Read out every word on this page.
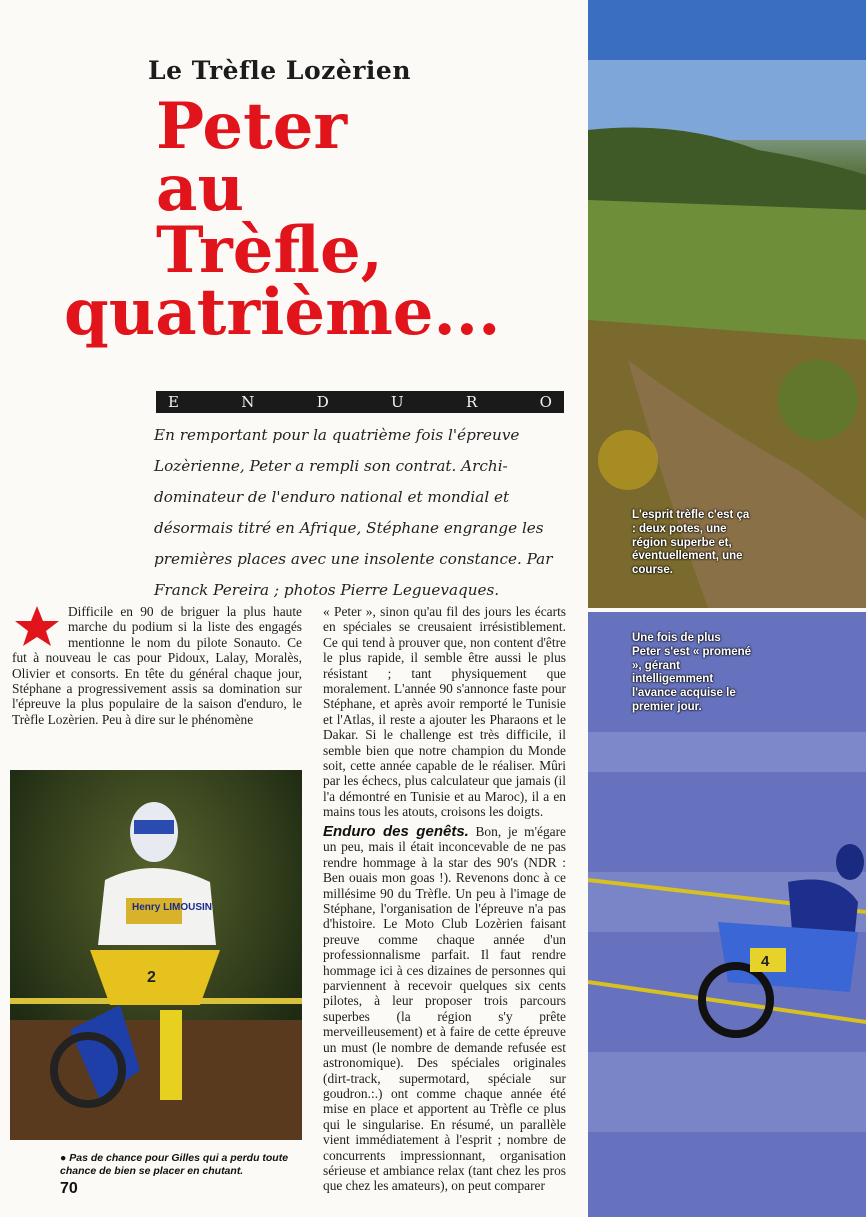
Le Trèfle Lozèrien
Peter
au
Trèfle,
quatrième...
E	N	D	U	R	O
En remportant pour la quatrième fois l'épreuve Lozèrienne, Peter a rempli son contrat. Archi-dominateur de l'enduro national et mondial et désormais titré en Afrique, Stéphane engrange les premières places avec une insolente constance. Par Franck Pereira ; photos Pierre Leguevaques.
Difficile en 90 de briguer la plus haute marche du podium si la liste des engagés mentionne le nom du pilote Sonauto. Ce fut à nouveau le cas pour Pidoux, Lalay, Moralès, Olivier et consorts. En tête du général chaque jour, Stéphane a progressivement assis sa domination sur l'épreuve la plus populaire de la saison d'enduro, le Trèfle Lozèrien. Peu à dire sur le phénomène
Henry LIMOUSIN
2
● Pas de chance pour Gilles qui a perdu toute chance de bien se placer en chutant.
« Peter », sinon qu'au fil des jours les écarts en spéciales se creusaient irrésistiblement. Ce qui tend à prouver que, non content d'être le plus rapide, il semble être aussi le plus résistant ; tant physiquement que moralement. L'année 90 s'annonce faste pour Stéphane, et après avoir remporté le Tunisie et l'Atlas, il reste a ajouter les Pharaons et le Dakar. Si le challenge est très difficile, il semble bien que notre champion du Monde soit, cette année capable de le réaliser. Mûri par les échecs, plus calculateur que jamais (il l'a démontré en Tunisie et au Maroc), il a en mains tous les atouts, croisons les doigts.
Enduro des genêts. Bon, je m'égare un peu, mais il était inconcevable de ne pas rendre hommage à la star des 90's (NDR : Ben ouais mon goas !). Revenons donc à ce millésime 90 du Trèfle. Un peu à l'image de Stéphane, l'organisation de l'épreuve n'a pas d'histoire. Le Moto Club Lozèrien faisant preuve comme chaque année d'un professionnalisme parfait. Il faut rendre hommage ici à ces dizaines de personnes qui parviennent à recevoir quelques six cents pilotes, à leur proposer trois parcours superbes (la région s'y prête merveilleusement) et à faire de cette épreuve un must (le nombre de demande refusée est astronomique). Des spéciales originales (dirt-track, supermotard, spéciale sur goudron.:.) ont comme chaque année été mise en place et apportent au Trèfle ce plus qui le singularise. En résumé, un parallèle vient immédiatement à l'esprit ; nombre de concurrents impressionnant, organisation sérieuse et ambiance relax (tant chez les pros que chez les amateurs), on peut comparer
L'esprit trèfle c'est ça : deux potes, une région superbe et, éventuellement, une course.
4
Une fois de plus Peter s'est « promené », gérant intelligemment l'avance acquise le premier jour.
70
